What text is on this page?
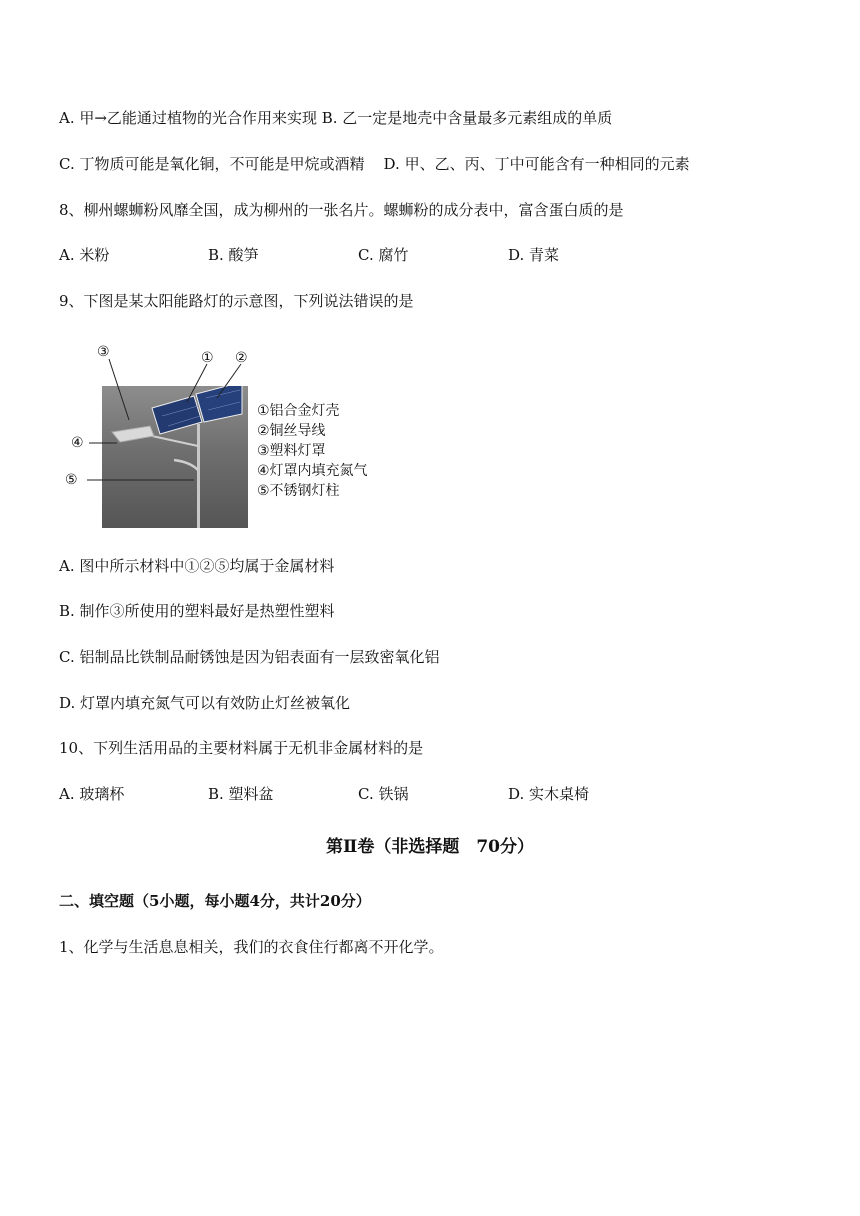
A. 甲→乙能通过植物的光合作用来实现 B. 乙一定是地壳中含量最多元素组成的单质
C. 丁物质可能是氧化铜，不可能是甲烷或酒精    D. 甲、乙、丙、丁中可能含有一种相同的元素
8、柳州螺蛳粉风靡全国，成为柳州的一张名片。螺蛳粉的成分表中，富含蛋白质的是
A. 米粉	B. 酸笋	C. 腐竹	D. 青菜
9、下图是某太阳能路灯的示意图，下列说法错误的是
③	① ②
④
⑤
①铝合金灯壳
②铜丝导线
③塑料灯罩
④灯罩内填充氮气
⑤不锈钢灯柱
A. 图中所示材料中①②⑤均属于金属材料
B. 制作③所使用的塑料最好是热塑性塑料
C. 铝制品比铁制品耐锈蚀是因为铝表面有一层致密氧化铝
D. 灯罩内填充氮气可以有效防止灯丝被氧化
10、下列生活用品的主要材料属于无机非金属材料的是
A. 玻璃杯	B. 塑料盆	C. 铁锅	D. 实木桌椅
第Ⅱ卷（非选择题　70分）
二、填空题（5小题，每小题4分，共计20分）
1、化学与生活息息相关，我们的衣食住行都离不开化学。
